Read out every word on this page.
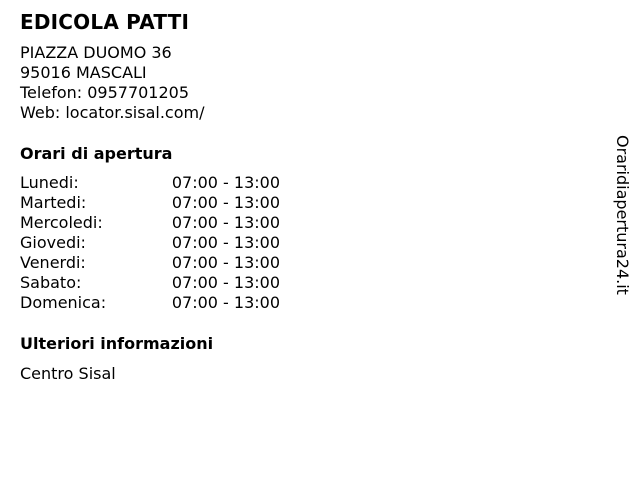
EDICOLA PATTI
PIAZZA DUOMO 36
95016 MASCALI
Telefon: 0957701205
Web: locator.sisal.com/
Orari di apertura
Lunedi:	07:00 - 13:00
Martedi:	07:00 - 13:00
Mercoledi:	07:00 - 13:00
Giovedi:	07:00 - 13:00
Venerdi:	07:00 - 13:00
Sabato:	07:00 - 13:00
Domenica:	07:00 - 13:00
Ulteriori informazioni
Centro Sisal
Oraridiapertura24.it
